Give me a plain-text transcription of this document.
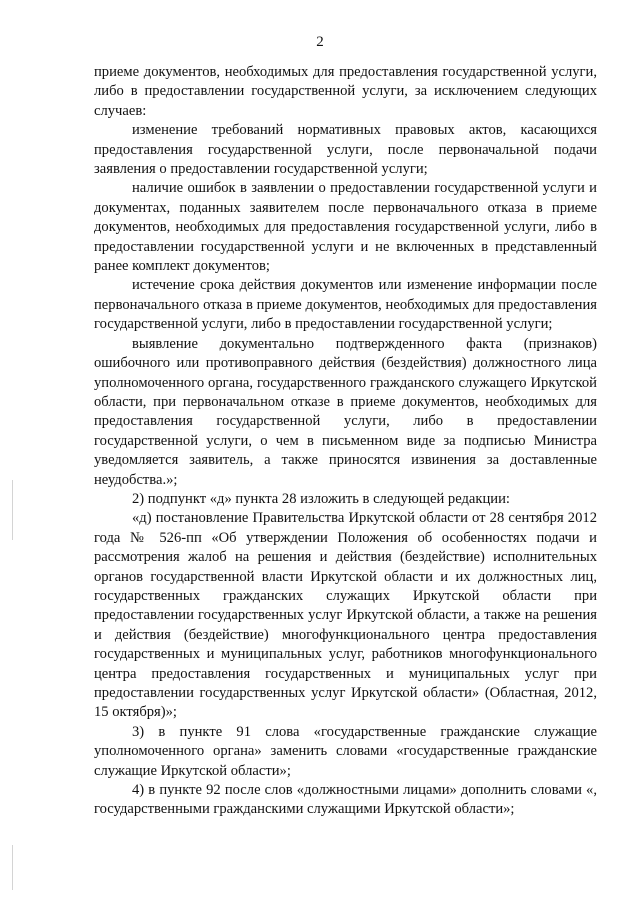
2

приеме документов, необходимых для предоставления государственной услуги, либо в предоставлении государственной услуги, за исключением следующих случаев:

изменение требований нормативных правовых актов, касающихся предоставления государственной услуги, после первоначальной подачи заявления о предоставлении государственной услуги;

наличие ошибок в заявлении о предоставлении государственной услуги и документах, поданных заявителем после первоначального отказа в приеме документов, необходимых для предоставления государственной услуги, либо в предоставлении государственной услуги и не включенных в представленный ранее комплект документов;

истечение срока действия документов или изменение информации после первоначального отказа в приеме документов, необходимых для предоставления государственной услуги, либо в предоставлении государственной услуги;

выявление документально подтвержденного факта (признаков) ошибочного или противоправного действия (бездействия) должностного лица уполномоченного органа, государственного гражданского служащего Иркутской области, при первоначальном отказе в приеме документов, необходимых для предоставления государственной услуги, либо в предоставлении государственной услуги, о чем в письменном виде за подписью Министра уведомляется заявитель, а также приносятся извинения за доставленные неудобства.»;

2) подпункт «д» пункта 28 изложить в следующей редакции:

«д) постановление Правительства Иркутской области от 28 сентября 2012 года № 526-пп «Об утверждении Положения об особенностях подачи и рассмотрения жалоб на решения и действия (бездействие) исполнительных органов государственной власти Иркутской области и их должностных лиц, государственных гражданских служащих Иркутской области при предоставлении государственных услуг Иркутской области, а также на решения и действия (бездействие) многофункционального центра предоставления государственных и муниципальных услуг, работников многофункционального центра предоставления государственных и муниципальных услуг при предоставлении государственных услуг Иркутской области» (Областная, 2012, 15 октября)»;

3) в пункте 91 слова «государственные гражданские служащие уполномоченного органа» заменить словами «государственные гражданские служащие Иркутской области»;

4) в пункте 92 после слов «должностными лицами» дополнить словами «, государственными гражданскими служащими Иркутской области»;
